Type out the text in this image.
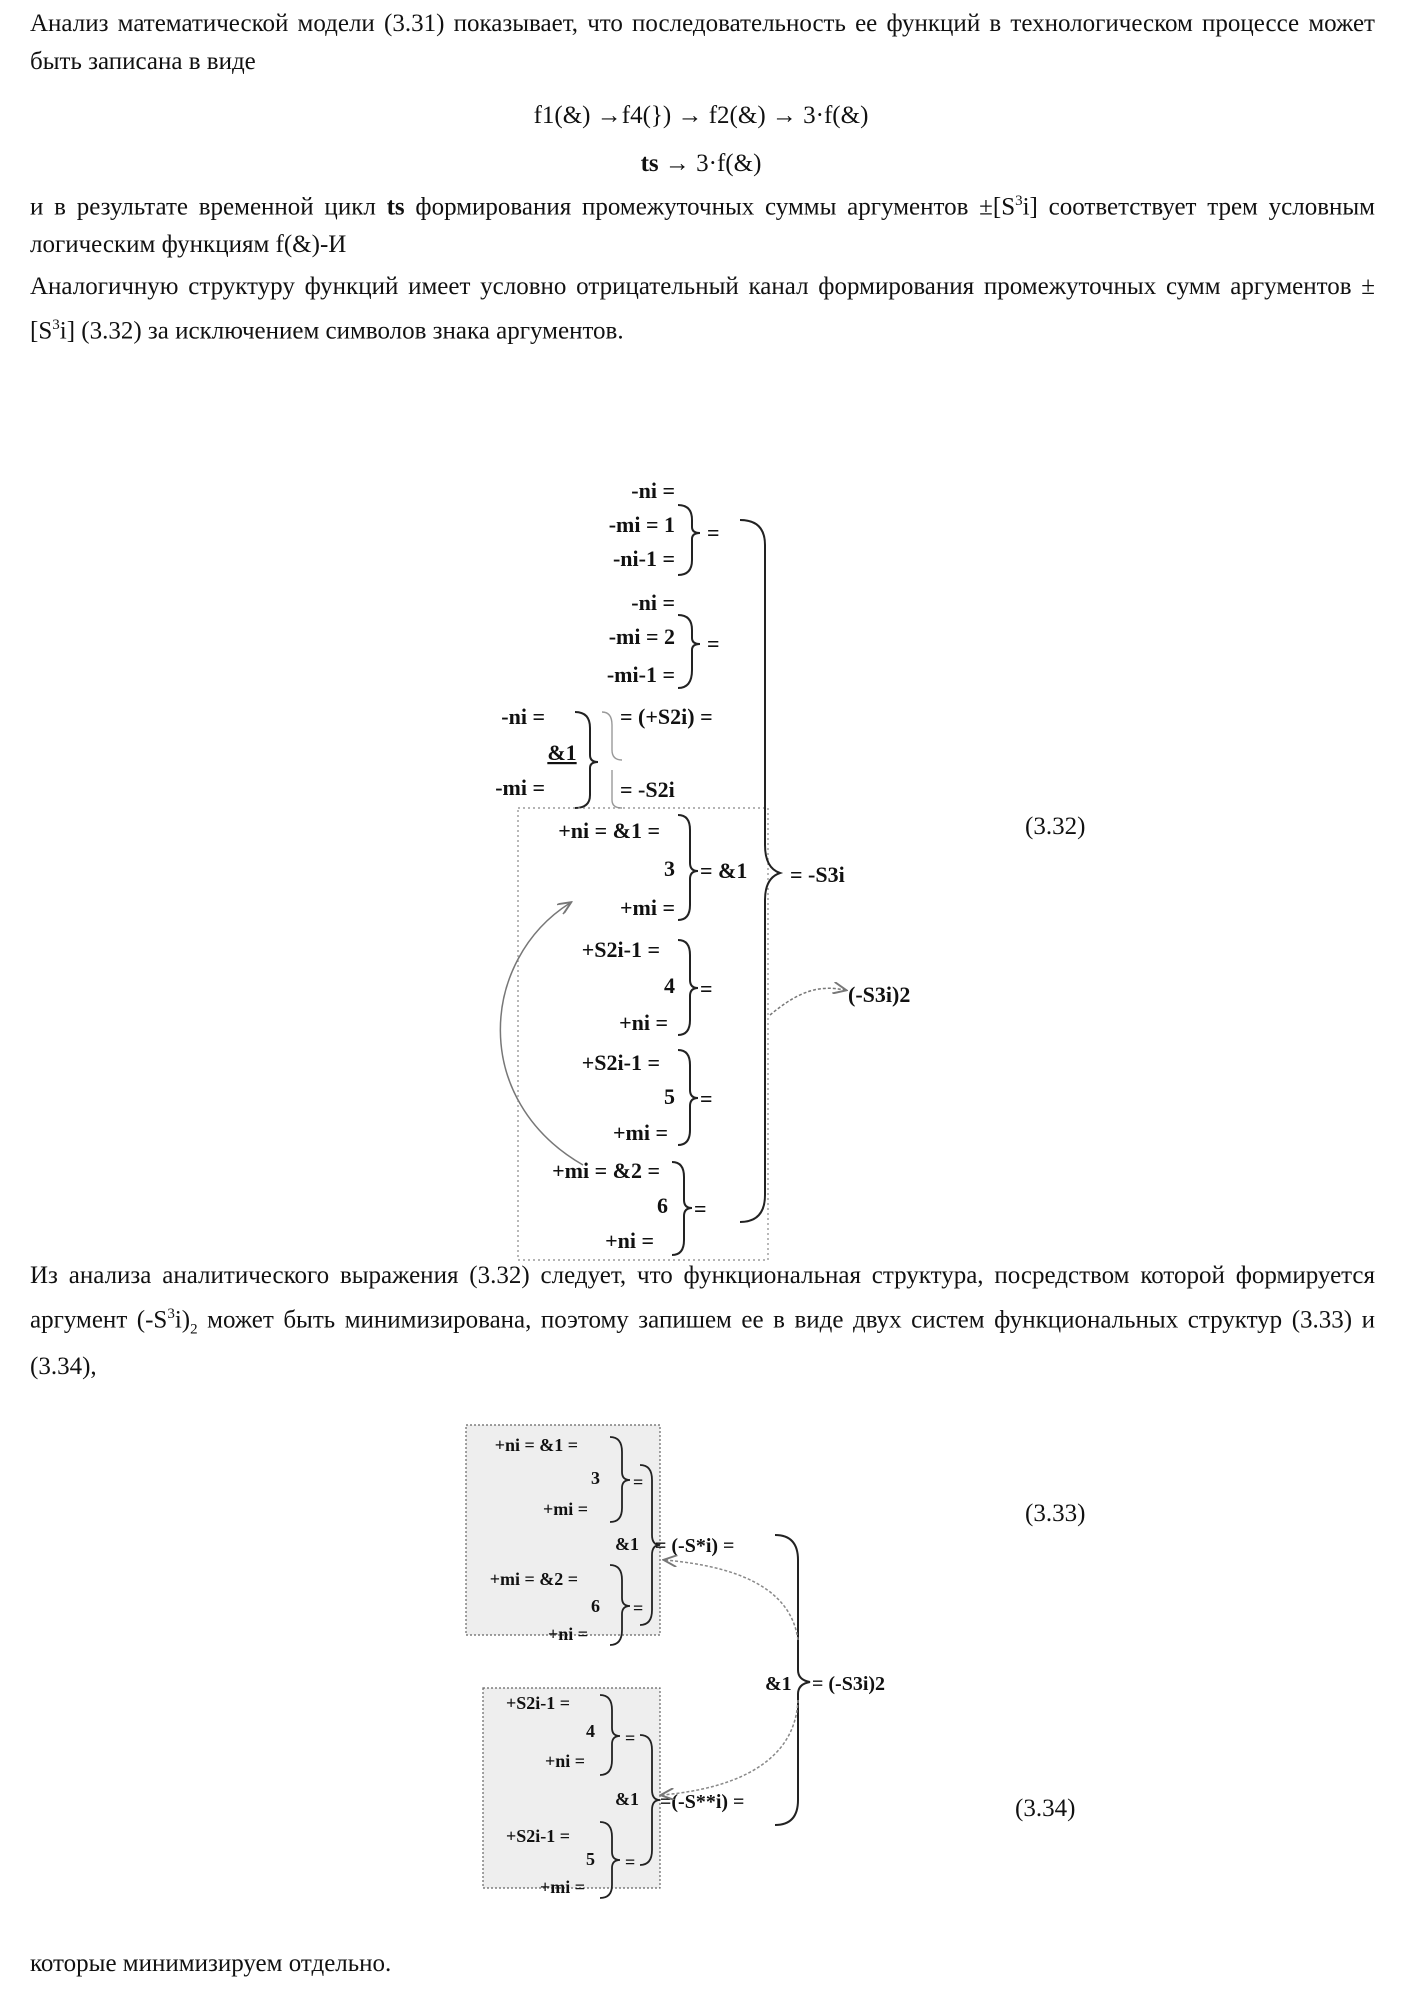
Анализ математической модели (3.31) показывает, что последовательность ее функций в технологическом процессе может быть записана в виде

f1(&) →f4(}) → f2(&) → 3·f(&)
ts → 3·f(&)

и в результате временной цикл ts формирования промежуточных суммы аргументов ±[S3i] соответствует трем условным логическим функциям f(&)-И

Аналогичную структуру функций имеет условно отрицательный канал формирования промежуточных сумм аргументов ±[S3i] (3.32) за исключением символов знака аргументов.

-ni =
-mi = 1
-ni-1 =
=
-ni =
-mi = 2
-mi-1 =
=
-ni =
&1
-mi =
= (+S2i) =
= -S2i
+ni = &1 =
3
+mi =
= &1 = -S3i
+S2i-1 =
4
+ni =
=
+S2i-1 =
5
+mi =
=
+mi = &2 =
6
+ni =
=
(-S3i)2
+ni = &1 =
3
+mi =
=
+mi = &2 =
6
+ni =
=
&1 = (-S*i) =
+S2i-1 =
4
+ni =
=
+S2i-1 =
5
+mi =
=
&1 =(-S**i) =
&1 = (-S3i)2
(3.32)
(3.33)
(3.34)

Из анализа аналитического выражения (3.32) следует, что функциональная структура, посредством которой формируется аргумент (-S3i)2 может быть минимизирована, поэтому запишем ее в виде двух систем функциональных структур (3.33) и (3.34),

которые минимизируем отдельно.
